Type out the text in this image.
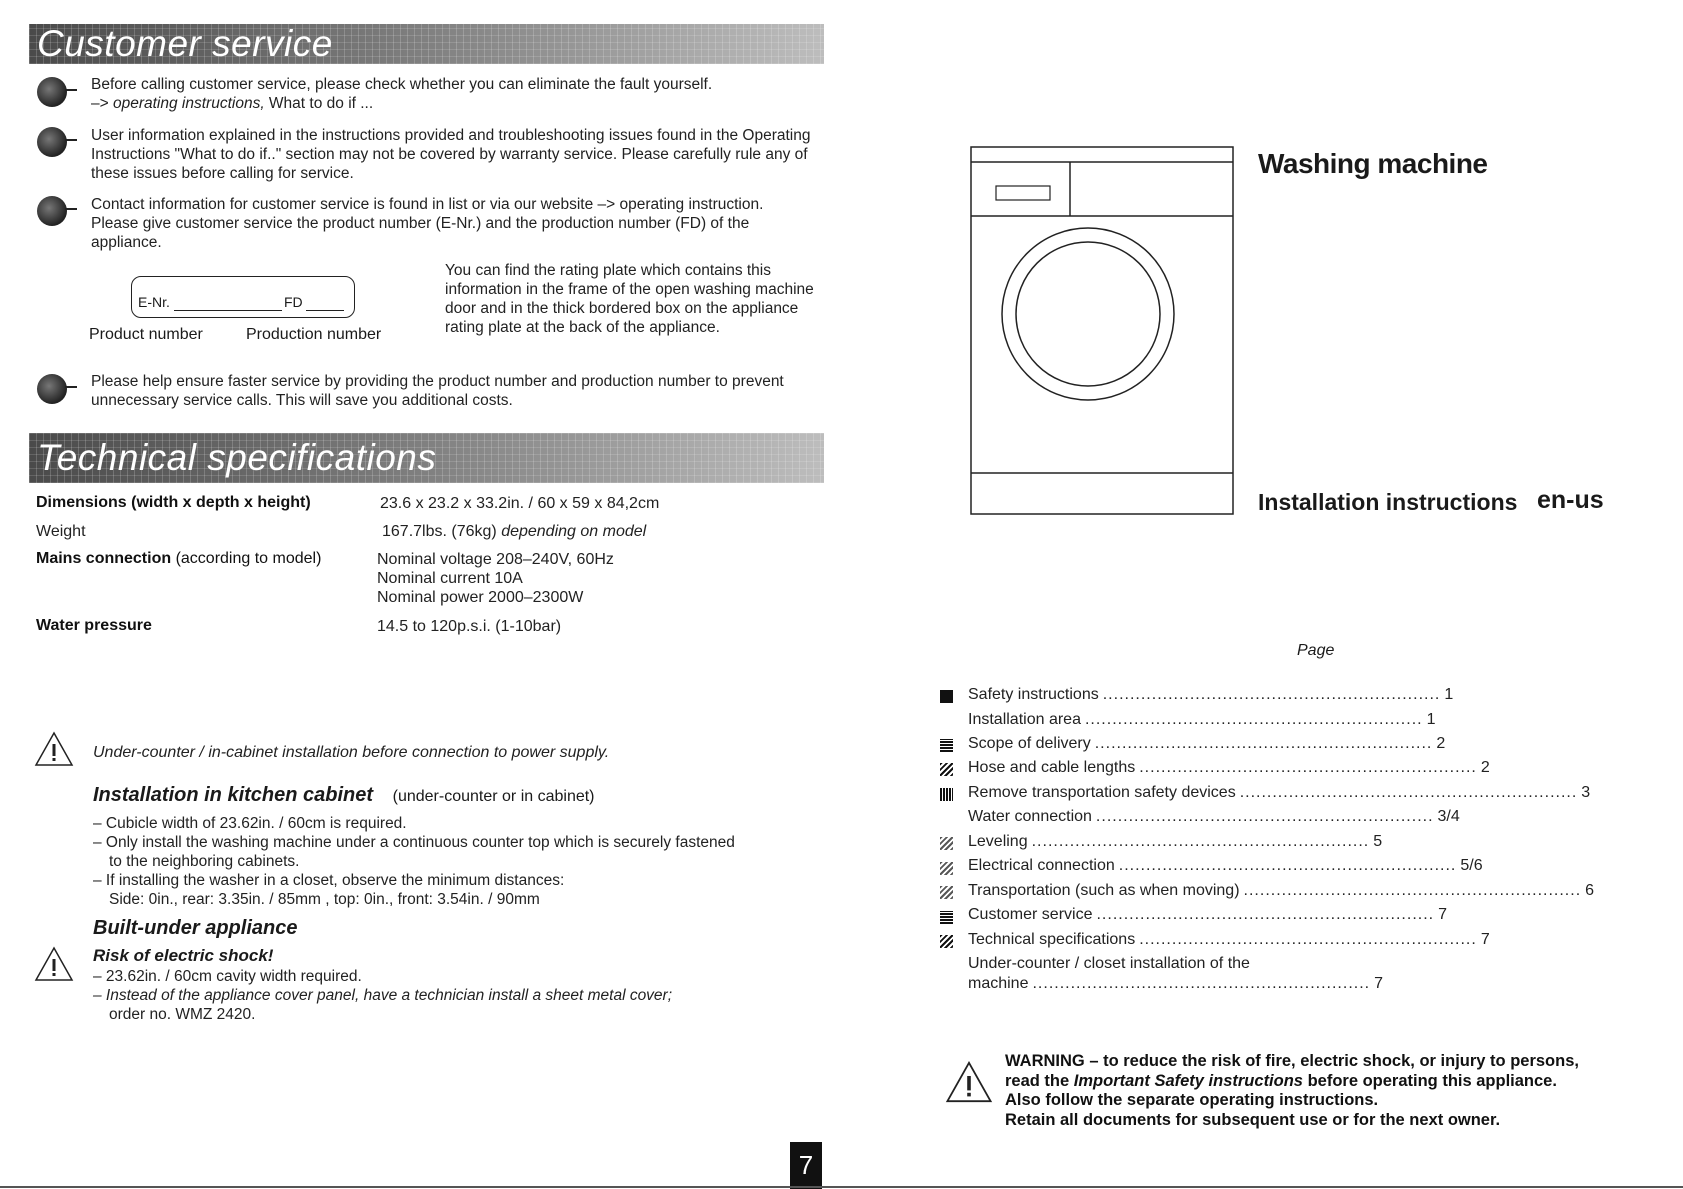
Customer service
Before calling customer service, please check whether you can eliminate the fault yourself.
–> operating instructions, What to do if ...
User information explained in the instructions provided and troubleshooting issues found in the Operating Instructions "What to do if.." section may not be covered by warranty service. Please carefully rule any of these issues before calling for service.
Contact information for customer service is found in list or via our website –> operating instruction. Please give customer service the product number (E-Nr.) and the production number (FD) of the appliance.
E-Nr.	FD
Product number	Production number
You can find the rating plate which contains this information in the frame of the open washing machine door and in the thick bordered box on the appliance rating plate at the back of the appliance.
Please help ensure faster service by providing the product number and production number to prevent unnecessary service calls. This will save you additional costs.
Technical specifications
Dimensions (width x depth x height)	23.6 x 23.2 x 33.2in. / 60 x 59 x 84,2cm
Weight	167.7lbs. (76kg) depending on model
Mains connection (according to model)	Nominal voltage 208–240V, 60Hz
Nominal current 10A
Nominal power 2000–2300W
Water pressure	14.5 to 120p.s.i. (1-10bar)
Under-counter / in-cabinet installation before connection to power supply.
Installation in kitchen cabinet (under-counter or in cabinet)
– Cubicle width of 23.62in. / 60cm is required.
– Only install the washing machine under a continuous counter top which is securely fastened
to the neighboring cabinets.
– If installing the washer in a closet, observe the minimum distances:
Side: 0in., rear: 3.35in. / 85mm , top: 0in., front: 3.54in. / 90mm
Built-under appliance
Risk of electric shock!
– 23.62in. / 60cm cavity width required.
– Instead of the appliance cover panel, have a technician install a sheet metal cover;
order no. WMZ 2420.
7
Washing machine
Installation instructions en-us
Page
Safety instructions .............................................................. 1
Installation area .............................................................. 1
Scope of delivery .............................................................. 2
Hose and cable lengths .............................................................. 2
Remove transportation safety devices .............................................................. 3
Water connection .............................................................. 3/4
Leveling .............................................................. 5
Electrical connection .............................................................. 5/6
Transportation (such as when moving) .............................................................. 6
Customer service .............................................................. 7
Technical specifications .............................................................. 7
Under-counter / closet installation of the
machine .............................................................. 7
WARNING – to reduce the risk of fire, electric shock, or injury to persons,
read the Important Safety instructions before operating this appliance.
Also follow the separate operating instructions.
Retain all documents for subsequent use or for the next owner.
